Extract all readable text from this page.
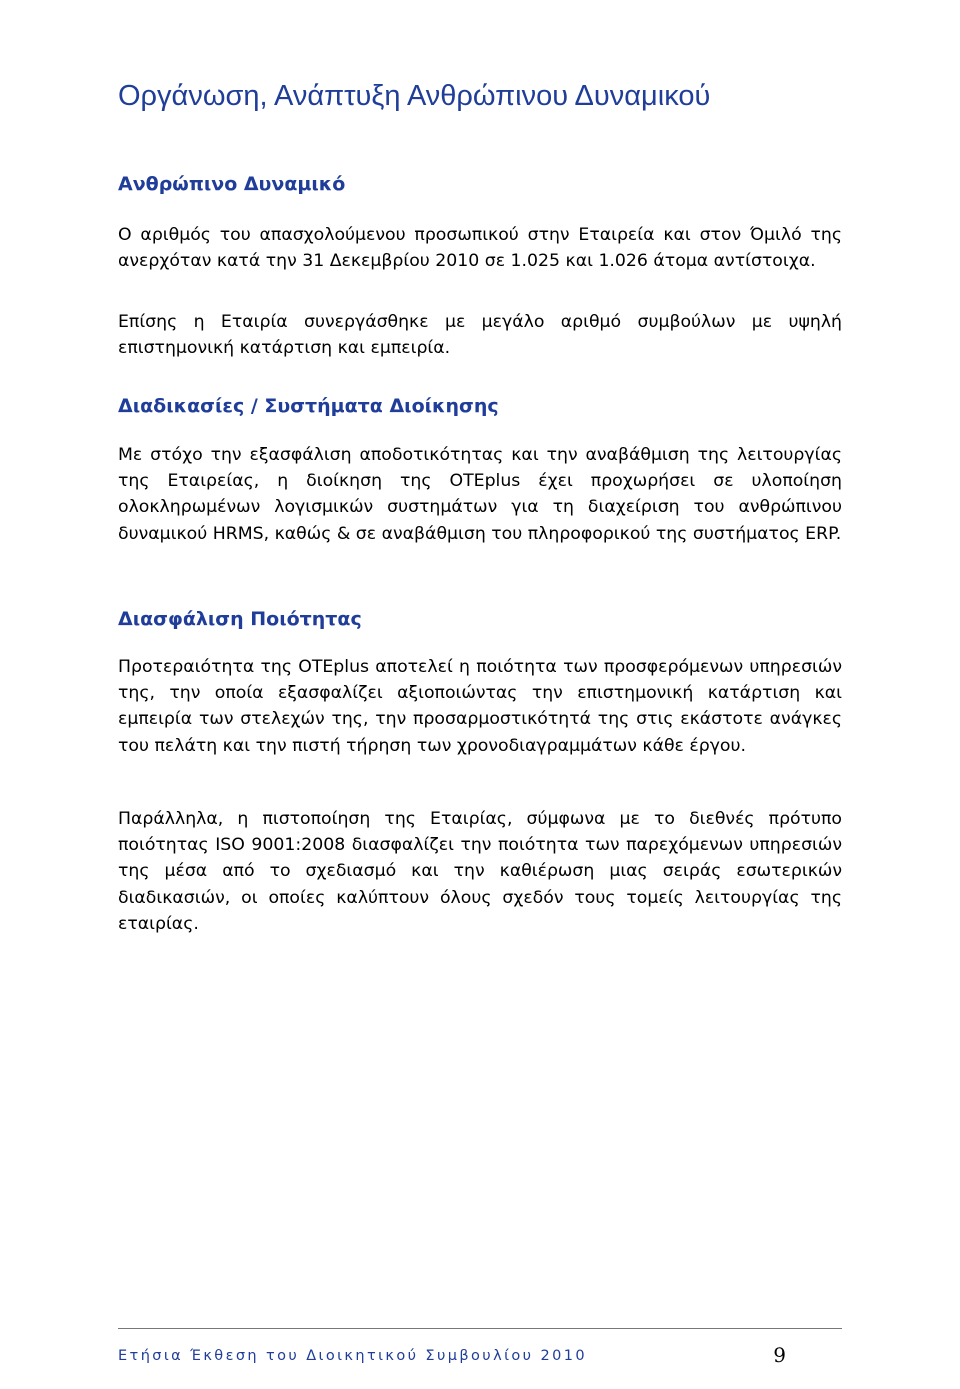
Οργάνωση, Ανάπτυξη Ανθρώπινου Δυναμικού
Ανθρώπινο Δυναμικό

Ο αριθμός του απασχολούμενου προσωπικού στην Εταιρεία και στον Όμιλό της ανερχόταν κατά την 31 Δεκεμβρίου 2010 σε 1.025 και 1.026 άτομα αντίστοιχα.

Επίσης η Εταιρία συνεργάσθηκε με μεγάλο αριθμό συμβούλων με υψηλή επιστημονική κατάρτιση και εμπειρία.

Διαδικασίες / Συστήματα Διοίκησης

Με στόχο την εξασφάλιση αποδοτικότητας και την αναβάθμιση της λειτουργίας της Εταιρείας, η διοίκηση της OTEplus έχει προχωρήσει σε υλοποίηση ολοκληρωμένων λογισμικών συστημάτων για τη διαχείριση του ανθρώπινου δυναμικού HRMS, καθώς & σε αναβάθμιση του πληροφορικού της συστήματος ERP.

Διασφάλιση Ποιότητας

Προτεραιότητα της OTEplus αποτελεί η ποιότητα των προσφερόμενων υπηρεσιών της, την οποία εξασφαλίζει αξιοποιώντας την επιστημονική κατάρτιση και εμπειρία των στελεχών της, την προσαρμοστικότητά της στις εκάστοτε ανάγκες του πελάτη και την πιστή τήρηση των χρονοδιαγραμμάτων κάθε έργου.

Παράλληλα, η πιστοποίηση της Εταιρίας, σύμφωνα με το διεθνές πρότυπο ποιότητας ISO 9001:2008 διασφαλίζει την ποιότητα των παρεχόμενων υπηρεσιών της μέσα από το σχεδιασμό και την καθιέρωση μιας σειράς εσωτερικών διαδικασιών, οι οποίες καλύπτουν όλους σχεδόν τους τομείς λειτουργίας της εταιρίας.

Ετήσια Έκθεση του Διοικητικού Συμβουλίου 2010	9
